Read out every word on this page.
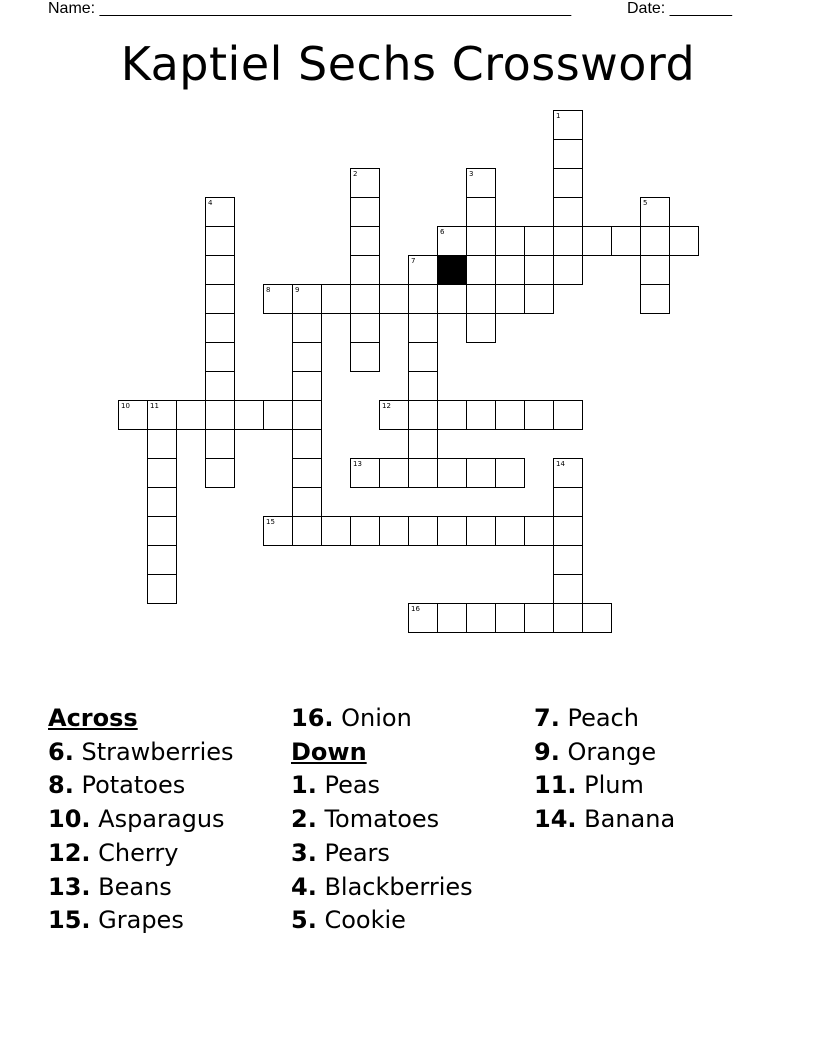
Name: _____________________________________________________	Date: _______
Kaptiel Sechs Crossword
1
2	3
4	5
6
7
8	9
10	11	12
13	14
15
16
Across
6. Strawberries
8. Potatoes
10. Asparagus
12. Cherry
13. Beans
15. Grapes
16. Onion
Down
1. Peas
2. Tomatoes
3. Pears
4. Blackberries
5. Cookie
7. Peach
9. Orange
11. Plum
14. Banana
